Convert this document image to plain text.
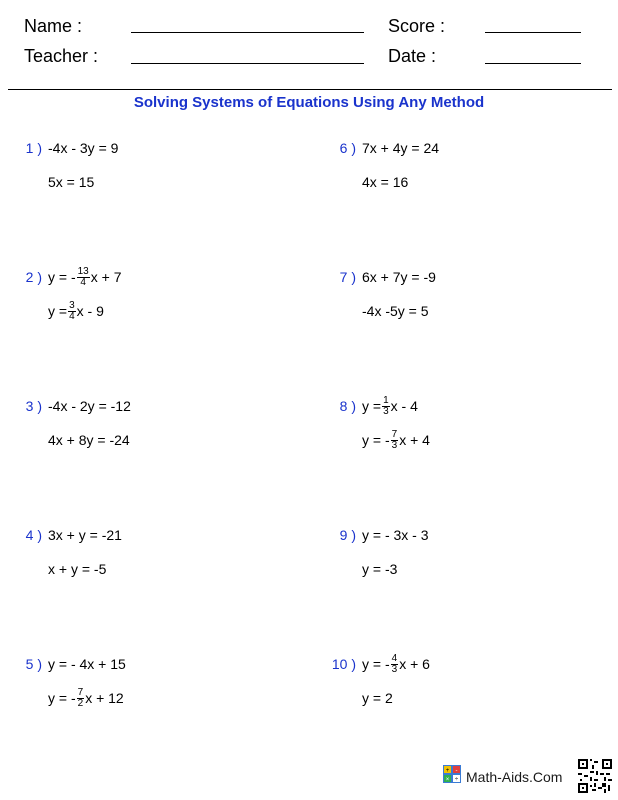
Name :	Score :
Teacher :	Date :
Solving Systems of Equations Using Any Method
1 ) -4x - 3y = 9
5x = 15
2 ) y = - $\frac{13}{4}$ x + 7
$y = \frac{3}{4}$ x - 9
3 ) -4x - 2y = -12
4x + 8y = -24
4 ) 3x + y = -21
x + y = -5
5 ) y = - 4x + 15
y = - $\frac{7}{2}$ x + 12
6 ) 7x + 4y = 24
4x = 16
7 ) 6x + 7y = -9
-4x -5y = 5
8 ) $y = \frac{1}{3}$ x - 4
y = - $\frac{7}{3}$ x + 4
9 ) y = - 3x - 3
y = -3
10 ) y = - $\frac{4}{3}$ x + 6
y = 2
+ -
× ÷ Math-Aids.Com
